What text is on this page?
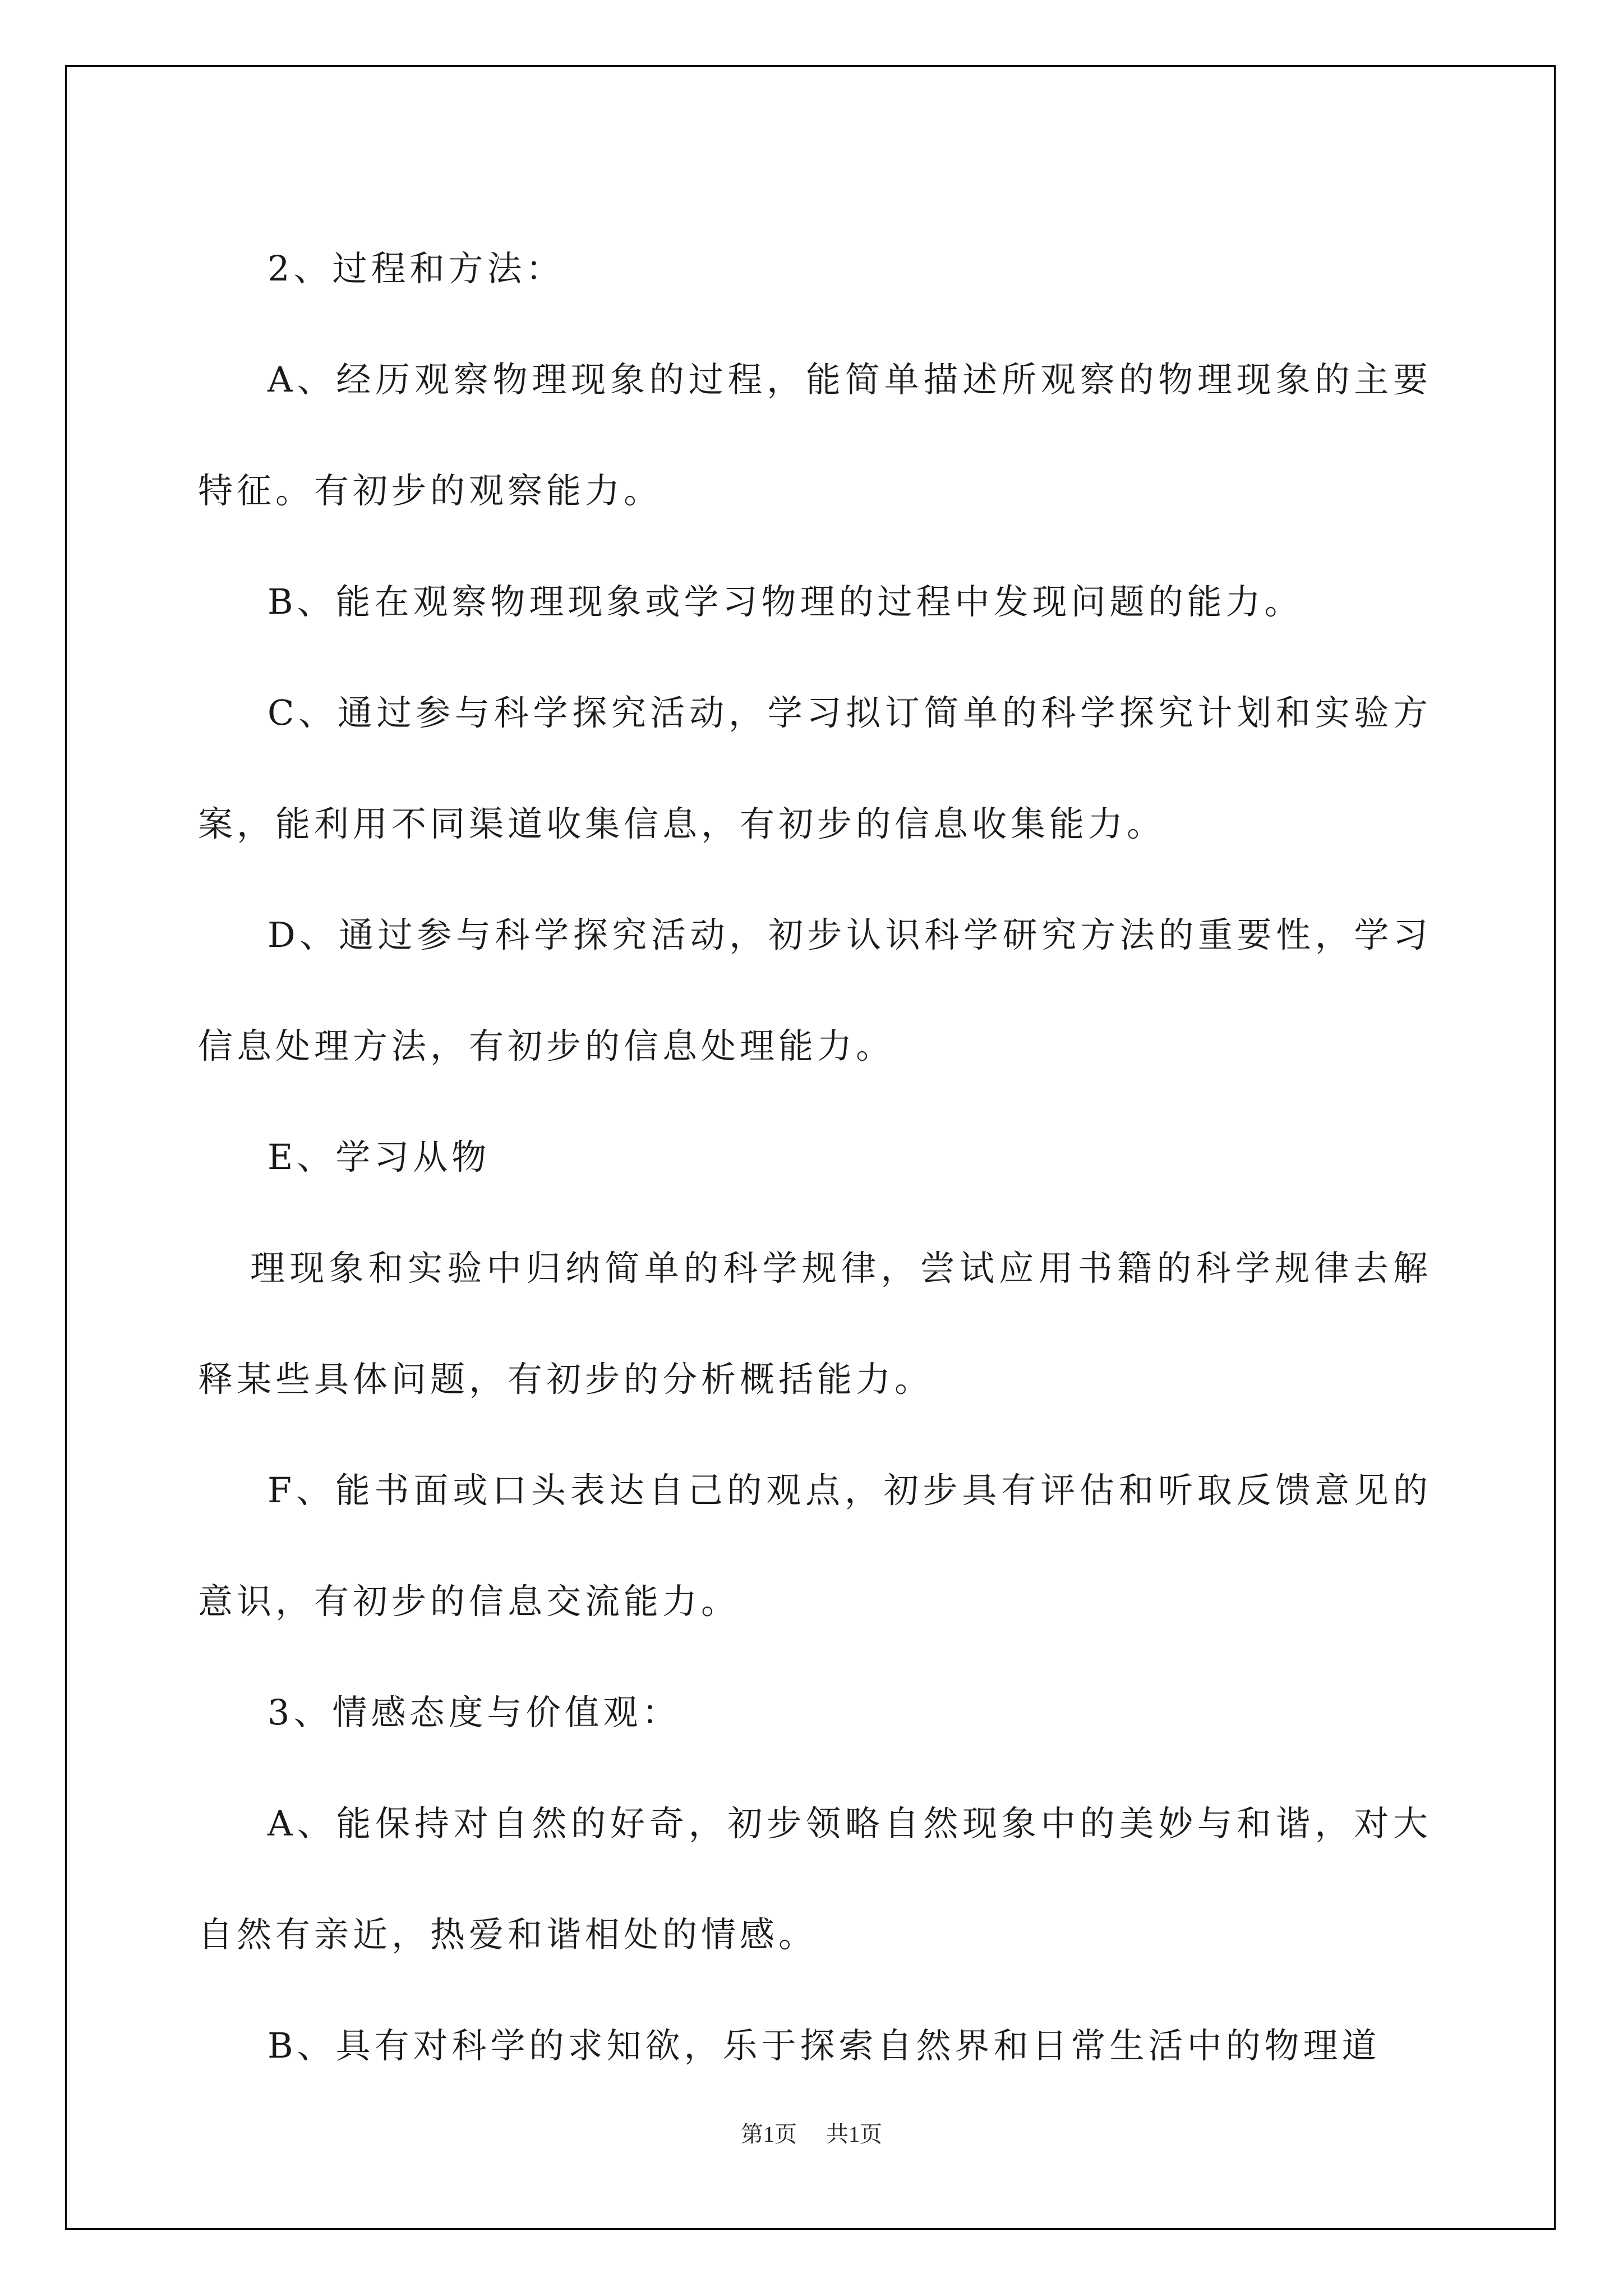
2、过程和方法：

A、经历观察物理现象的过程，能简单描述所观察的物理现象的主要特征。有初步的观察能力。

B、能在观察物理现象或学习物理的过程中发现问题的能力。

C、通过参与科学探究活动，学习拟订简单的科学探究计划和实验方案，能利用不同渠道收集信息，有初步的信息收集能力。

D、通过参与科学探究活动，初步认识科学研究方法的重要性，学习信息处理方法，有初步的信息处理能力。

E、学习从物

理现象和实验中归纳简单的科学规律，尝试应用书籍的科学规律去解释某些具体问题，有初步的分析概括能力。

F、能书面或口头表达自己的观点，初步具有评估和听取反馈意见的意识，有初步的信息交流能力。

3、情感态度与价值观：

A、能保持对自然的好奇，初步领略自然现象中的美妙与和谐，对大自然有亲近，热爱和谐相处的情感。

B、具有对科学的求知欲，乐于探索自然界和日常生活中的物理道

第1页 共1页
